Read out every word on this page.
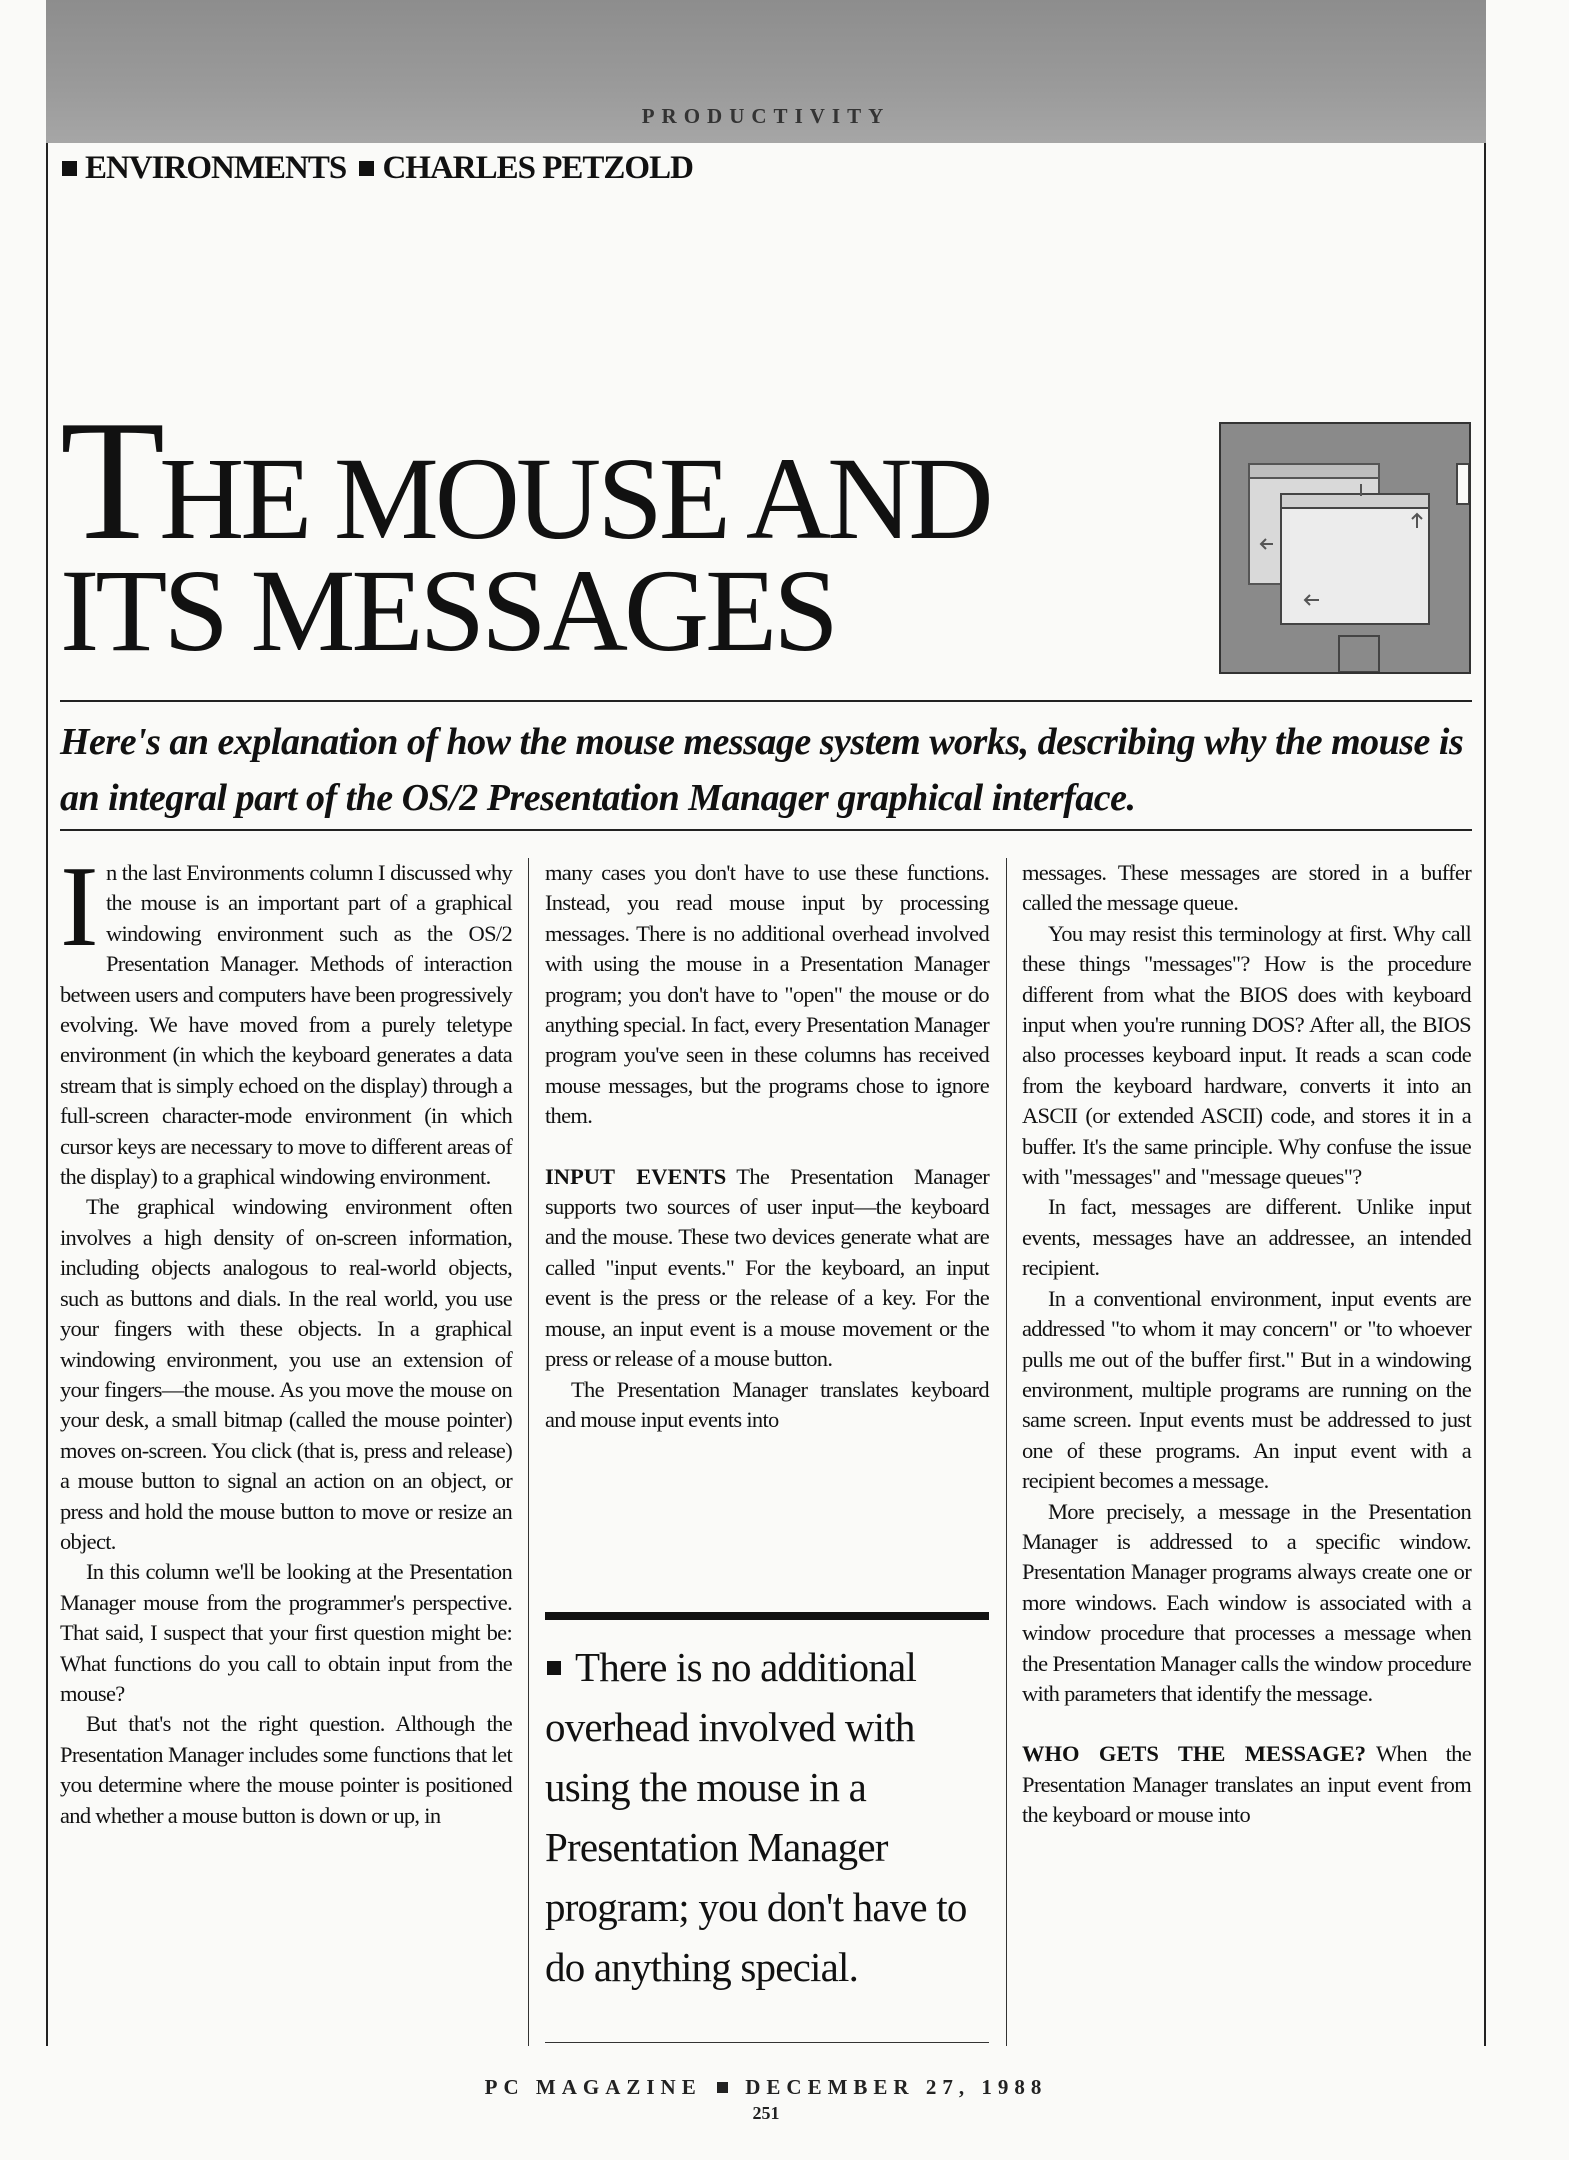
PRODUCTIVITY
ENVIRONMENTS CHARLES PETZOLD
THE MOUSE AND
ITS MESSAGES
Here's an explanation of how the mouse message system works, describing why the mouse is an integral part of the OS/2 Presentation Manager graphical interface.

In the last Environments column I discussed why the mouse is an important part of a graphical windowing environment such as the OS/2 Presentation Manager. Methods of interaction between users and computers have been progressively evolving. We have moved from a purely teletype environment (in which the keyboard generates a data stream that is simply echoed on the display) through a full-screen character-mode environment (in which cursor keys are necessary to move to different areas of the display) to a graphical windowing environment.

The graphical windowing environment often involves a high density of on-screen information, including objects analogous to real-world objects, such as buttons and dials. In the real world, you use your fingers with these objects. In a graphical windowing environment, you use an extension of your fingers—the mouse. As you move the mouse on your desk, a small bitmap (called the mouse pointer) moves on-screen. You click (that is, press and release) a mouse button to signal an action on an object, or press and hold the mouse button to move or resize an object.

In this column we'll be looking at the Presentation Manager mouse from the programmer's perspective. That said, I suspect that your first question might be: What functions do you call to obtain input from the mouse?

But that's not the right question. Although the Presentation Manager includes some functions that let you determine where the mouse pointer is positioned and whether a mouse button is down or up, in

many cases you don't have to use these functions. Instead, you read mouse input by processing messages. There is no additional overhead involved with using the mouse in a Presentation Manager program; you don't have to "open" the mouse or do anything special. In fact, every Presentation Manager program you've seen in these columns has received mouse messages, but the programs chose to ignore them.

INPUT EVENTS The Presentation Manager supports two sources of user input—the keyboard and the mouse. These two devices generate what are called "input events." For the keyboard, an input event is the press or the release of a key. For the mouse, an input event is a mouse movement or the press or release of a mouse button.

The Presentation Manager translates keyboard and mouse input events into

There is no additional overhead involved with using the mouse in a Presentation Manager program; you don't have to do anything special.

messages. These messages are stored in a buffer called the message queue.

You may resist this terminology at first. Why call these things "messages"? How is the procedure different from what the BIOS does with keyboard input when you're running DOS? After all, the BIOS also processes keyboard input. It reads a scan code from the keyboard hardware, converts it into an ASCII (or extended ASCII) code, and stores it in a buffer. It's the same principle. Why confuse the issue with "messages" and "message queues"?

In fact, messages are different. Unlike input events, messages have an addressee, an intended recipient.

In a conventional environment, input events are addressed "to whom it may concern" or "to whoever pulls me out of the buffer first." But in a windowing environment, multiple programs are running on the same screen. Input events must be addressed to just one of these programs. An input event with a recipient becomes a message.

More precisely, a message in the Presentation Manager is addressed to a specific window. Presentation Manager programs always create one or more windows. Each window is associated with a window procedure that processes a message when the Presentation Manager calls the window procedure with parameters that identify the message.

WHO GETS THE MESSAGE? When the Presentation Manager translates an input event from the keyboard or mouse into

PC MAGAZINE DECEMBER 27, 1988
251
